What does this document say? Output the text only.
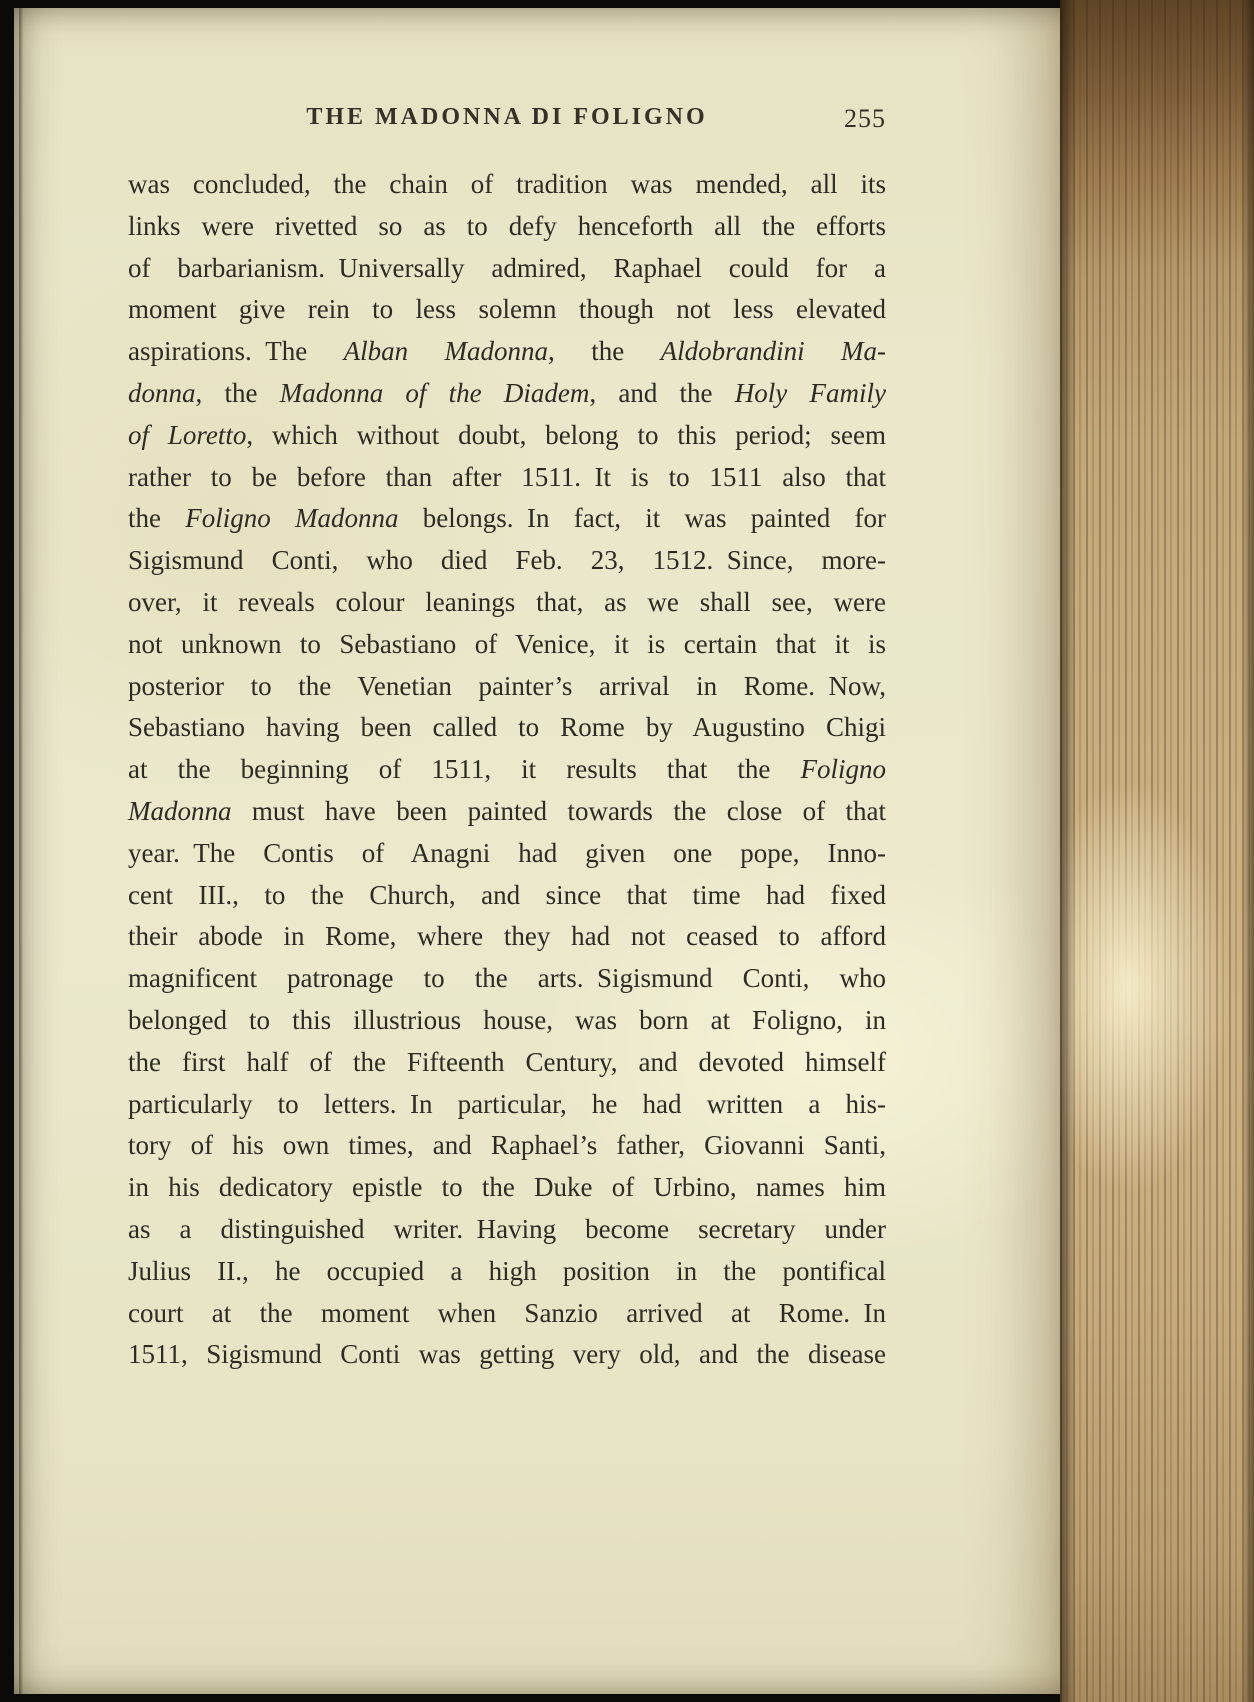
THE MADONNA DI FOLIGNO	255
was concluded, the chain of tradition was mended, all its
links were rivetted so as to defy henceforth all the efforts
of barbarianism. Universally admired, Raphael could for a
moment give rein to less solemn though not less elevated
aspirations. The Alban Madonna, the Aldobrandini Ma-
donna, the Madonna of the Diadem, and the Holy Family
of Loretto, which without doubt, belong to this period; seem
rather to be before than after 1511. It is to 1511 also that
the Foligno Madonna belongs. In fact, it was painted for
Sigismund Conti, who died Feb. 23, 1512. Since, more-
over, it reveals colour leanings that, as we shall see, were
not unknown to Sebastiano of Venice, it is certain that it is
posterior to the Venetian painter’s arrival in Rome. Now,
Sebastiano having been called to Rome by Augustino Chigi
at the beginning of 1511, it results that the Foligno
Madonna must have been painted towards the close of that
year. The Contis of Anagni had given one pope, Inno-
cent III., to the Church, and since that time had fixed
their abode in Rome, where they had not ceased to afford
magnificent patronage to the arts. Sigismund Conti, who
belonged to this illustrious house, was born at Foligno, in
the first half of the Fifteenth Century, and devoted himself
particularly to letters. In particular, he had written a his-
tory of his own times, and Raphael’s father, Giovanni Santi,
in his dedicatory epistle to the Duke of Urbino, names him
as a distinguished writer. Having become secretary under
Julius II., he occupied a high position in the pontifical
court at the moment when Sanzio arrived at Rome. In
1511, Sigismund Conti was getting very old, and the disease
